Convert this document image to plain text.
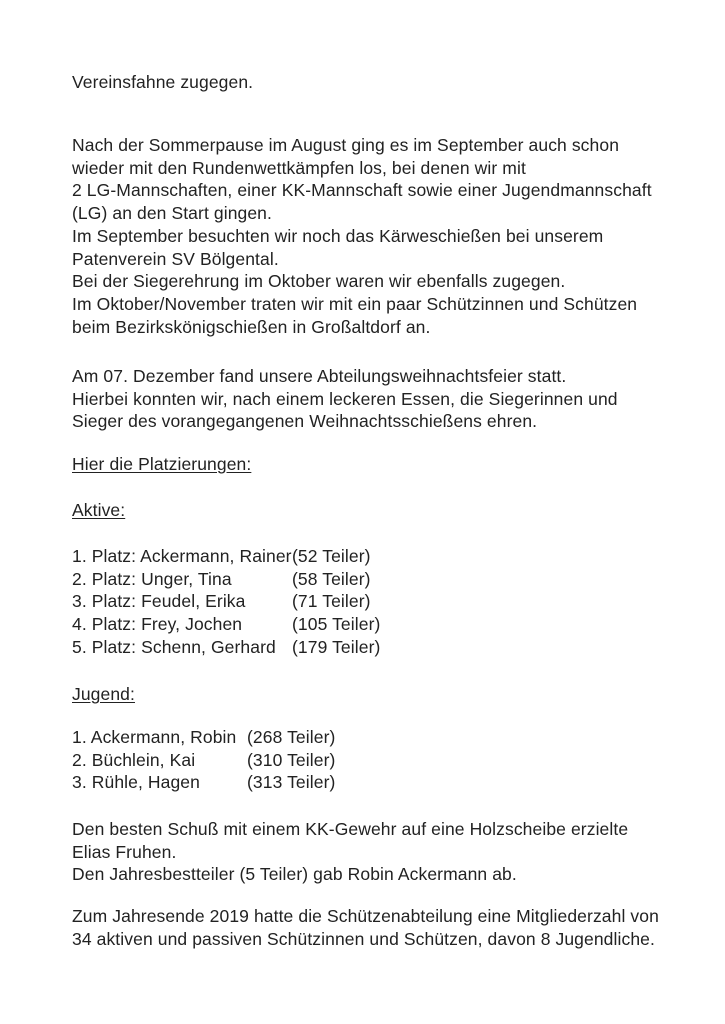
Vereinsfahne zugegen.
Nach der Sommerpause im August ging es im September auch schon
wieder mit den Rundenwettkämpfen los, bei denen wir mit
2 LG-Mannschaften, einer KK-Mannschaft sowie einer Jugendmannschaft
(LG) an den Start gingen.
Im September besuchten wir noch das Kärweschießen bei unserem
Patenverein SV Bölgental.
Bei der Siegerehrung im Oktober waren wir ebenfalls zugegen.
Im Oktober/November traten wir mit ein paar Schützinnen und Schützen
beim Bezirkskönigschießen in Großaltdorf an.
Am 07. Dezember fand unsere Abteilungsweihnachtsfeier statt.
Hierbei konnten wir, nach einem leckeren Essen, die Siegerinnen und
Sieger des vorangegangenen Weihnachtsschießens ehren.
Hier die Platzierungen:
Aktive:
1. Platz: Ackermann, Rainer (52 Teiler)
2. Platz: Unger, Tina	(58 Teiler)
3. Platz: Feudel, Erika	(71 Teiler)
4. Platz: Frey, Jochen	(105 Teiler)
5. Platz: Schenn, Gerhard (179 Teiler)
Jugend:
1. Ackermann, Robin (268 Teiler)
2. Büchlein, Kai	(310 Teiler)
3. Rühle, Hagen	(313 Teiler)
Den besten Schuß mit einem KK-Gewehr auf eine Holzscheibe erzielte
Elias Fruhen.
Den Jahresbestteiler (5 Teiler) gab Robin Ackermann ab.
Zum Jahresende 2019 hatte die Schützenabteilung eine Mitgliederzahl von
34 aktiven und passiven Schützinnen und Schützen, davon 8 Jugendliche.
